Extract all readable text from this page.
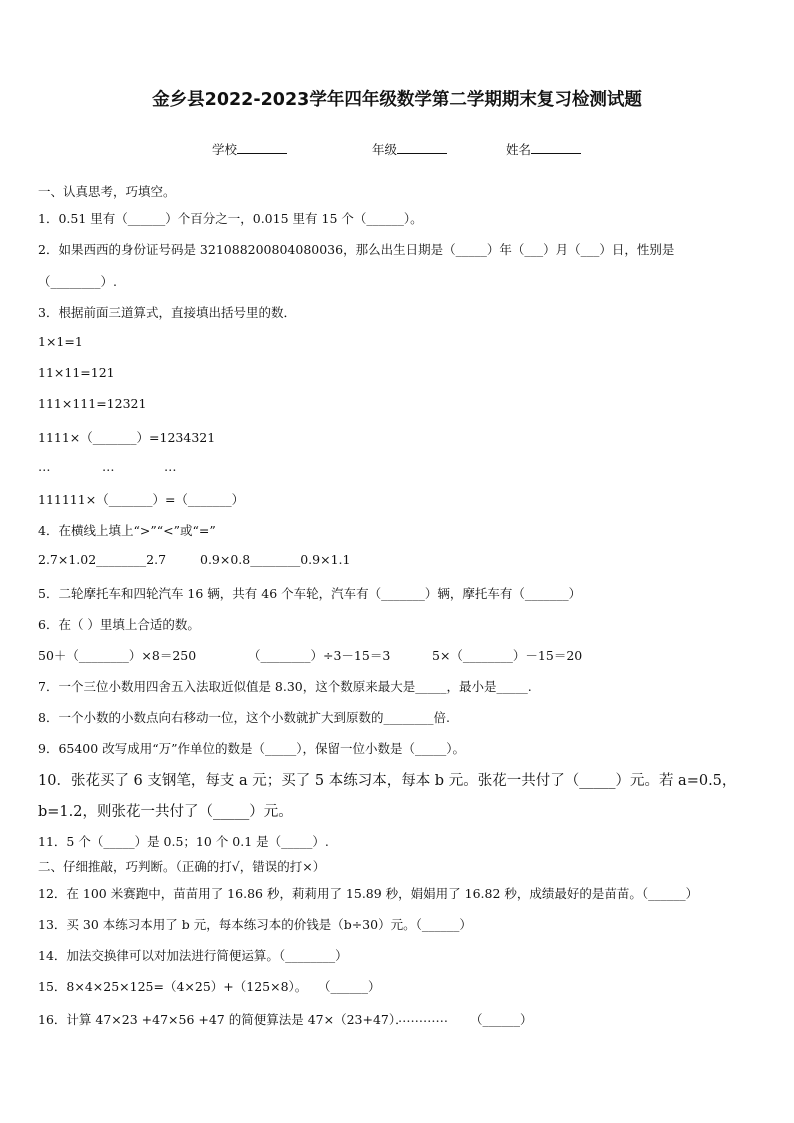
金乡县2022-2023学年四年级数学第二学期期末复习检测试题
学校	年级	姓名
一、认真思考，巧填空。
1．0.51 里有（______）个百分之一，0.015 里有 15 个（______）。
2．如果西西的身份证号码是 321088200804080036，那么出生日期是（_____）年（___）月（___）日，性别是
（________）.
3．根据前面三道算式，直接填出括号里的数．
1×1=1
11×11=121
111×111=12321
1111×（_______）=1234321
…	…	…
111111×（_______）=（_______）
4．在横线上填上“>”“<”或“=”
2.7×1.02________2.7	0.9×0.8________0.9×1.1
5．二轮摩托车和四轮汽车 16 辆，共有 46 个车轮，汽车有（_______）辆，摩托车有（_______）
6．在（ ）里填上合适的数。
50＋（________）×8＝250	（________）÷3－15＝3	5×（________）－15＝20
7．一个三位小数用四舍五入法取近似值是 8.30，这个数原来最大是_____，最小是_____.
8．一个小数的小数点向右移动一位，这个小数就扩大到原数的________倍.
9．65400 改写成用“万”作单位的数是（_____），保留一位小数是（_____）。
10．张花买了 6 支钢笔，每支 a 元；买了 5 本练习本，每本 b 元。张花一共付了（_____）元。若 a=0.5，
b=1.2，则张花一共付了（_____）元。
11．5 个（_____）是 0.5；10 个 0.1 是（_____）.
二、仔细推敲，巧判断。（正确的打√，错误的打×）
12．在 100 米赛跑中，苗苗用了 16.86 秒，莉莉用了 15.89 秒，娟娟用了 16.82 秒，成绩最好的是苗苗。（______）
13．买 30 本练习本用了 b 元，每本练习本的价钱是（b÷30）元。（______）
14．加法交换律可以对加法进行简便运算。（________）
15．8×4×25×125=（4×25）+（125×8）。 （______）
16．计算 47×23 +47×56 +47 的简便算法是 47×（23+47）．
………… （______）
